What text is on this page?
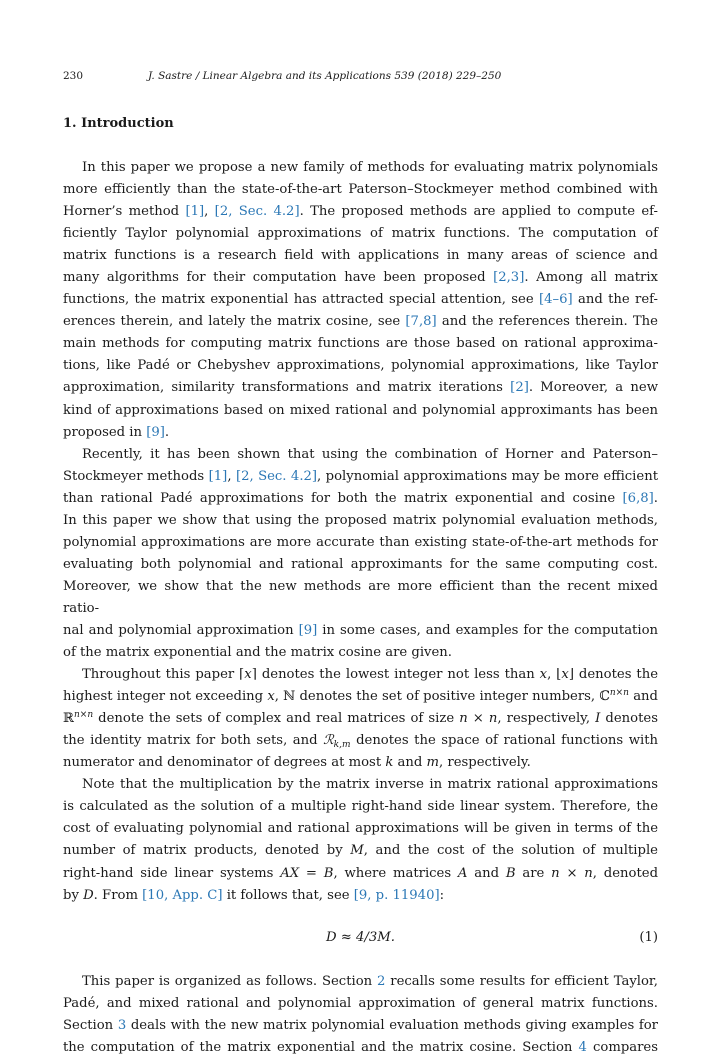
230	J. Sastre / Linear Algebra and its Applications 539 (2018) 229–250
1. Introduction

In this paper we propose a new family of methods for evaluating matrix polynomials
more efficiently than the state-of-the-art Paterson–Stockmeyer method combined with
Horner’s method [1], [2, Sec. 4.2]. The proposed methods are applied to compute ef-
ficiently Taylor polynomial approximations of matrix functions. The computation of
matrix functions is a research field with applications in many areas of science and
many algorithms for their computation have been proposed [2,3]. Among all matrix
functions, the matrix exponential has attracted special attention, see [4–6] and the ref-
erences therein, and lately the matrix cosine, see [7,8] and the references therein. The
main methods for computing matrix functions are those based on rational approxima-
tions, like Padé or Chebyshev approximations, polynomial approximations, like Taylor
approximation, similarity transformations and matrix iterations [2]. Moreover, a new
kind of approximations based on mixed rational and polynomial approximants has been
proposed in [9].

Recently, it has been shown that using the combination of Horner and Paterson–
Stockmeyer methods [1], [2, Sec. 4.2], polynomial approximations may be more efficient
than rational Padé approximations for both the matrix exponential and cosine [6,8].
In this paper we show that using the proposed matrix polynomial evaluation methods,
polynomial approximations are more accurate than existing state-of-the-art methods for
evaluating both polynomial and rational approximants for the same computing cost.
Moreover, we show that the new methods are more efficient than the recent mixed ratio-
nal and polynomial approximation [9] in some cases, and examples for the computation
of the matrix exponential and the matrix cosine are given.

Throughout this paper ⌈x⌉ denotes the lowest integer not less than x, ⌊x⌋ denotes the
highest integer not exceeding x, ℕ denotes the set of positive integer numbers, ℂ$^{n\times n}$ and
ℝ$^{n\times n}$ denote the sets of complex and real matrices of size n × n, respectively, I denotes
the identity matrix for both sets, and ℛ$_{k,m}$ denotes the space of rational functions with
numerator and denominator of degrees at most k and m, respectively.

Note that the multiplication by the matrix inverse in matrix rational approximations
is calculated as the solution of a multiple right-hand side linear system. Therefore, the
cost of evaluating polynomial and rational approximations will be given in terms of the
number of matrix products, denoted by M, and the cost of the solution of multiple
right-hand side linear systems AX = B, where matrices A and B are n × n, denoted
by D. From [10, App. C] it follows that, see [9, p. 11940]:

D ≈ 4/3M.	(1)

This paper is organized as follows. Section 2 recalls some results for efficient Taylor,
Padé, and mixed rational and polynomial approximation of general matrix functions.
Section 3 deals with the new matrix polynomial evaluation methods giving examples for
the computation of the matrix exponential and the matrix cosine. Section 4 compares
